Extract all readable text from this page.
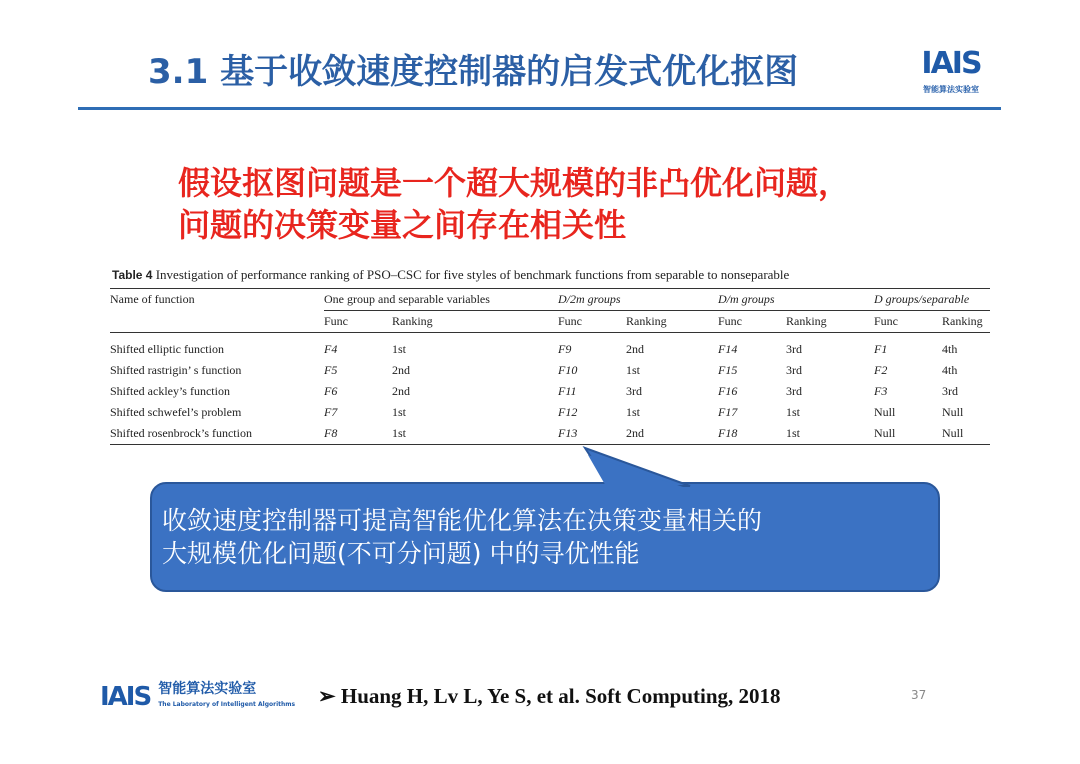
3.1 基于收敛速度控制器的启发式优化抠图	IAIS
智能算法实验室
假设抠图问题是一个超大规模的非凸优化问题，
问题的决策变量之间存在相关性
Table 4 Investigation of performance ranking of PSO–CSC for five styles of benchmark functions from separable to nonseparable
Name of function	One group and separable variables		D/2m groups		D/m groups		D groups/separable	
	Func	Ranking	Func	Ranking	Func	Ranking	Func	Ranking

Shifted elliptic function	F4	1st	F9	2nd	F14	3rd	F1	4th
Shifted rastrigin’ s function	F5	2nd	F10	1st	F15	3rd	F2	4th
Shifted ackley’s function	F6	2nd	F11	3rd	F16	3rd	F3	3rd
Shifted schwefel’s problem	F7	1st	F12	1st	F17	1st	Null	Null
Shifted rosenbrock’s function	F8	1st	F13	2nd	F18	1st	Null	Null
收敛速度控制器可提高智能优化算法在决策变量相关的
大规模优化问题(不可分问题) 中的寻优性能
IAIS 智能算法实验室
The Laboratory of Intelligent Algorithms ➢ Huang H, Lv L, Ye S, et al. Soft Computing, 2018	37
